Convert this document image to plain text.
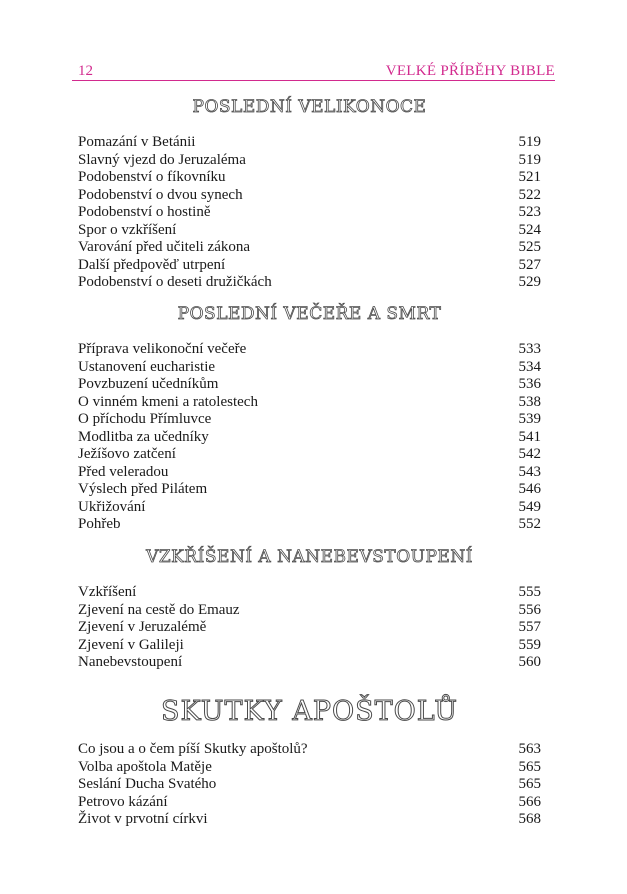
12	VELKÉ PŘÍBĚHY BIBLE
POSLEDNÍ VELIKONOCE
Pomazání v Betánii	519
Slavný vjezd do Jeruzaléma	519
Podobenství o fíkovníku	521
Podobenství o dvou synech	522
Podobenství o hostině	523
Spor o vzkříšení	524
Varování před učiteli zákona	525
Další předpověď utrpení	527
Podobenství o deseti družičkách	529
POSLEDNÍ VEČEŘE A SMRT
Příprava velikonoční večeře	533
Ustanovení eucharistie	534
Povzbuzení učedníkům	536
O vinném kmeni a ratolestech	538
O příchodu Přímluvce	539
Modlitba za učedníky	541
Ježíšovo zatčení	542
Před veleradou	543
Výslech před Pilátem	546
Ukřižování	549
Pohřeb	552
VZKŘÍŠENÍ A NANEBEVSTOUPENÍ
Vzkříšení	555
Zjevení na cestě do Emauz	556
Zjevení v Jeruzalémě	557
Zjevení v Galileji	559
Nanebevstoupení	560
SKUTKY APOŠTOLŮ
Co jsou a o čem píší Skutky apoštolů?	563
Volba apoštola Matěje	565
Seslání Ducha Svatého	565
Petrovo kázání	566
Život v prvotní církvi	568
